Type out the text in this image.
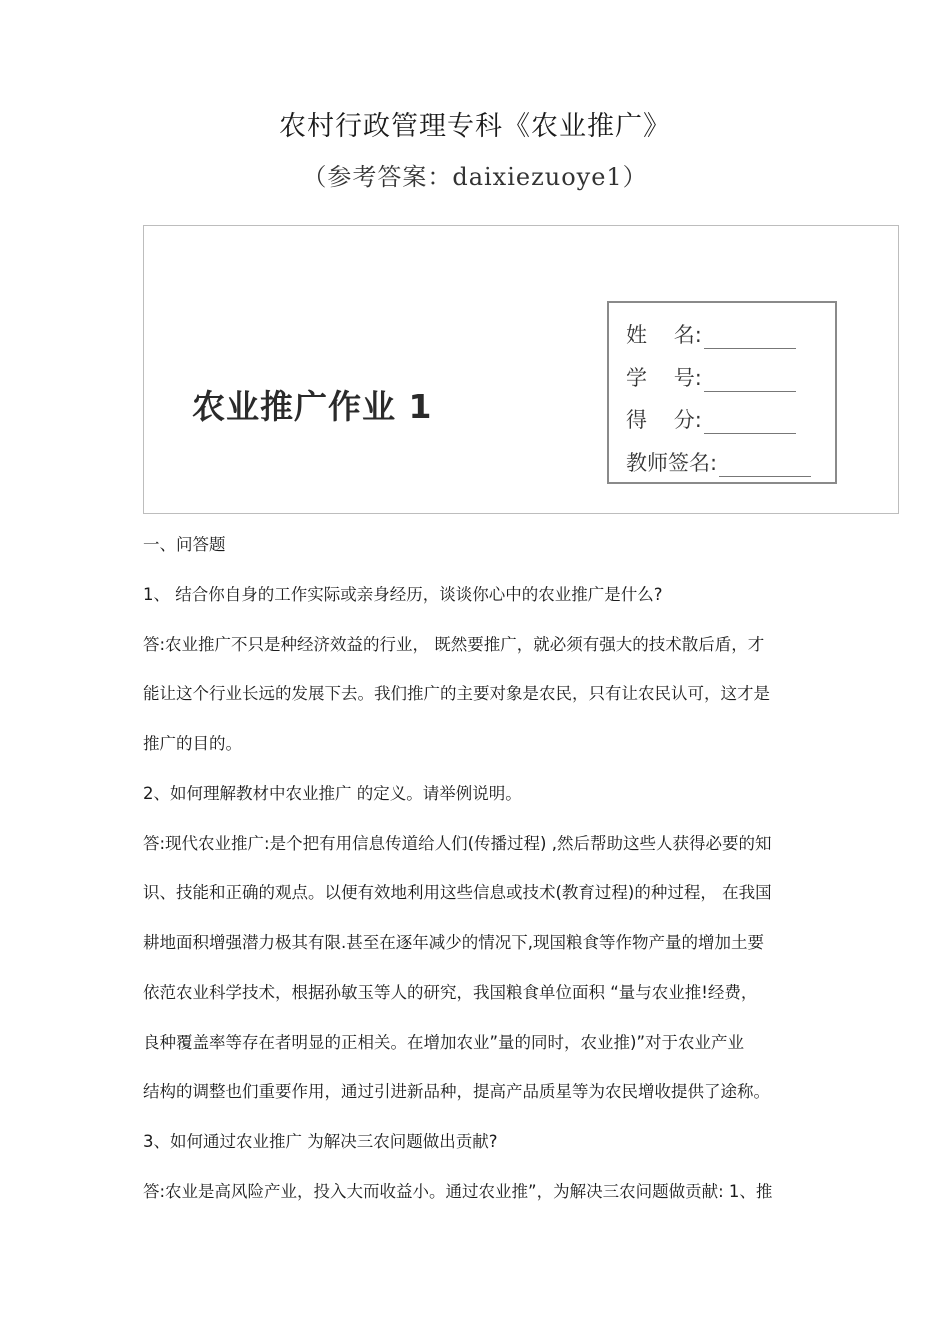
农村行政管理专科《农业推广》
（参考答案：daixiezuoye1）
农业推广作业 1
姓    名:
学    号:
得    分:
教师签名:
一、问答题
1、 结合你自身的工作实际或亲身经历，谈谈你心中的农业推广是什么?
答:农业推广不只是种经济效益的行业， 既然要推广，就必须有强大的技术散后盾，才
能让这个行业长远的发展下去。我们推广的主要对象是农民，只有让农民认可，这才是
推广的目的。
2、如何理解教材中农业推广 的定义。请举例说明。
答:现代农业推广:是个把有用信息传道给人们(传播过程) ,然后帮助这些人获得必要的知
识、技能和正确的观点。以便有效地利用这些信息或技术(教育过程)的种过程， 在我国
耕地面积增强潜力极其有限.甚至在逐年减少的情况下,现国粮食等作物产量的增加土要
依范农业科学技术，根据孙敏玉等人的研究，我国粮食单位面积 “量与农业推!经费，
良种覆盖率等存在者明显的正相关。在增加农业”量的同时，农业推)”对于农业产业
结构的调整也们重要作用，通过引进新品种，提高产品质星等为农民增收提供了途称。
3、如何通过农业推广 为解决三农问题做出贡献?
答:农业是高风险产业，投入大而收益小。通过农业推”，为解决三农问题做贡献: 1、推
